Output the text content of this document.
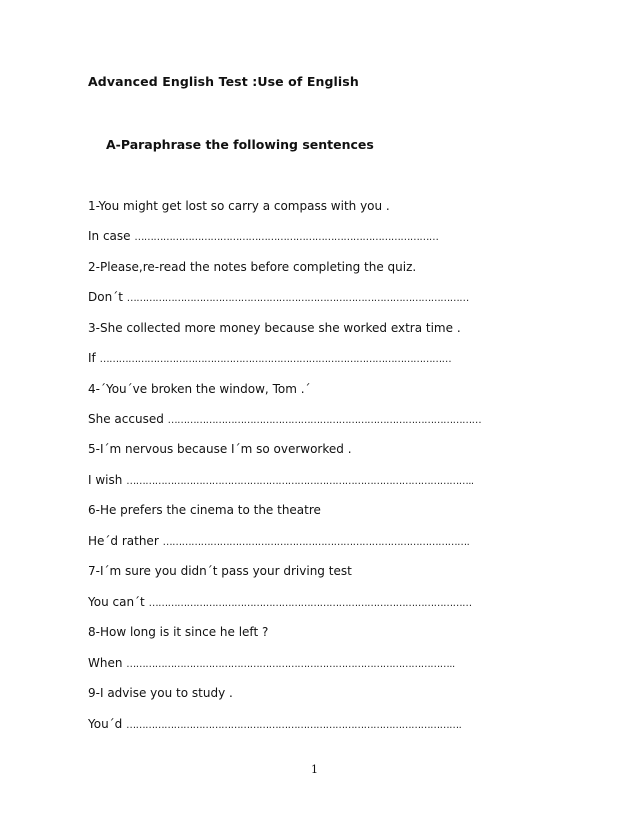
Advanced English Test :Use of English
A-Paraphrase the following sentences
1-You might get lost so carry a compass with you .
In case ……………………………………………………………………………………
2-Please,re-read the notes before completing the quiz.
Don´t ………………………………………………………………………………………………
3-She collected more money because she worked extra time .
If …………………………………………………………………………………………………
4-´You´ve broken the window, Tom .´
She accused ………………………………………………………………………………………
5-I´m nervous because I´m so overworked .
I wish ………………………………………………………………………………………………..
6-He prefers the cinema to the theatre
He´d rather …………………………………………………………………………………….
7-I´m sure you didn´t pass your driving test
You can´t …………………………………………………………………………………………
8-How long is it since he left ?
When …………………………………………………………………………………………..
9-I advise you to study .
You´d …………………………………………………………………………………………….
1
